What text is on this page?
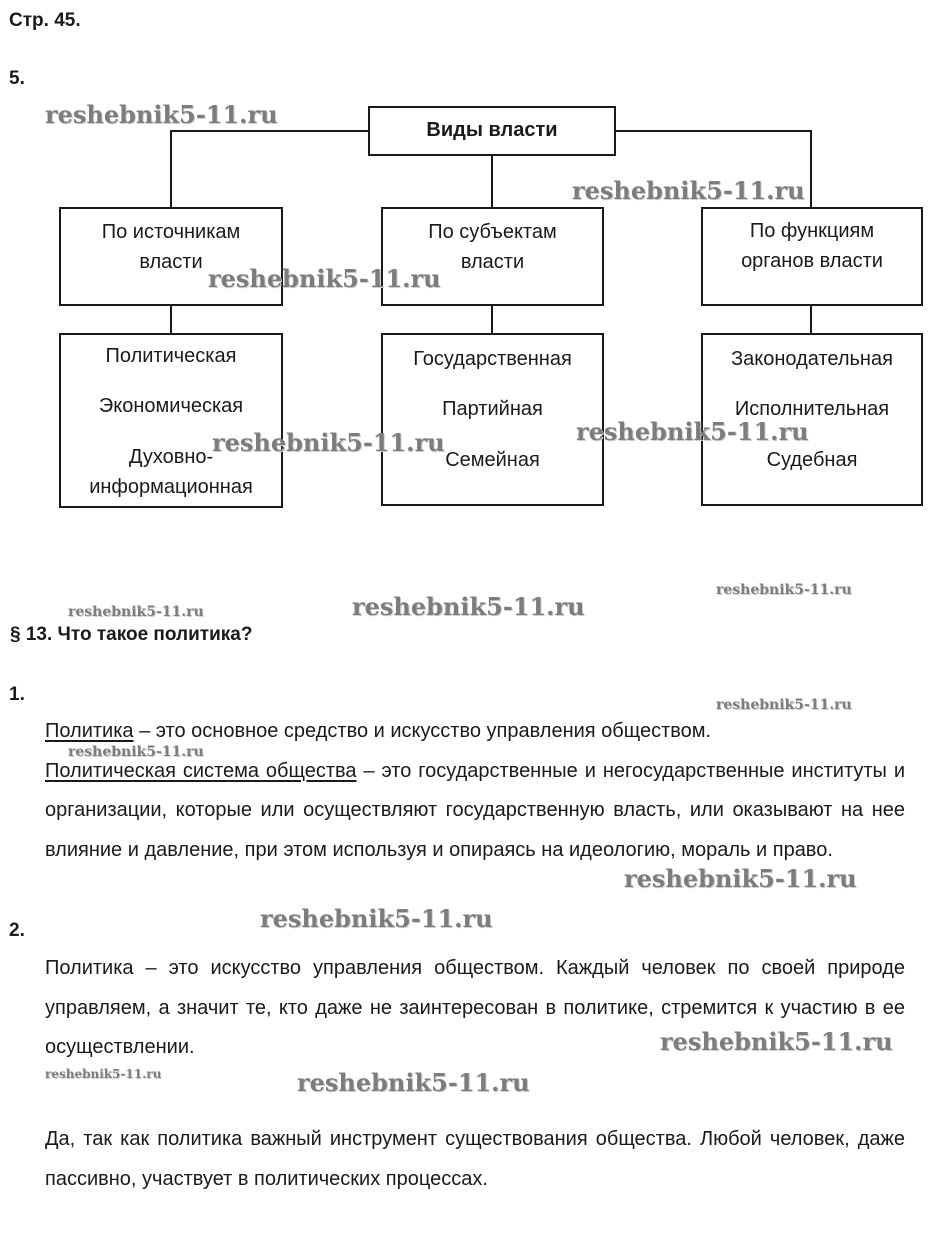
Стр. 45.
5.
Виды власти
По источникам
власти
По субъектам
власти
По функциям
органов власти
Политическая
Экономическая
Духовно-
информационная
Государственная
Партийная
Семейная
Законодательная
Исполнительная
Судебная
§ 13. Что такое политика?
1.
Политика – это основное средство и искусство управления обществом.
Политическая система общества – это государственные и негосударственные институты и организации, которые или осуществляют государственную власть, или оказывают на нее влияние и давление, при этом используя и опираясь на идеологию, мораль и право.
2.
Политика – это искусство управления обществом. Каждый человек по своей природе управляем, а значит те, кто даже не заинтересован в политике, стремится к участию в ее осуществлении.
Да, так как политика важный инструмент существования общества. Любой человек, даже пассивно, участвует в политических процессах.
reshebnik5-11.ru
reshebnik5-11.ru
reshebnik5-11.ru
reshebnik5-11.ru	reshebnik5-11.ru
reshebnik5-11.ru
reshebnik5-11.ru
reshebnik5-11.ru
reshebnik5-11.ru
reshebnik5-11.ru
reshebnik5-11.ru
reshebnik5-11.ru
reshebnik5-11.ru
reshebnik5-11.ru	reshebnik5-11.ru
